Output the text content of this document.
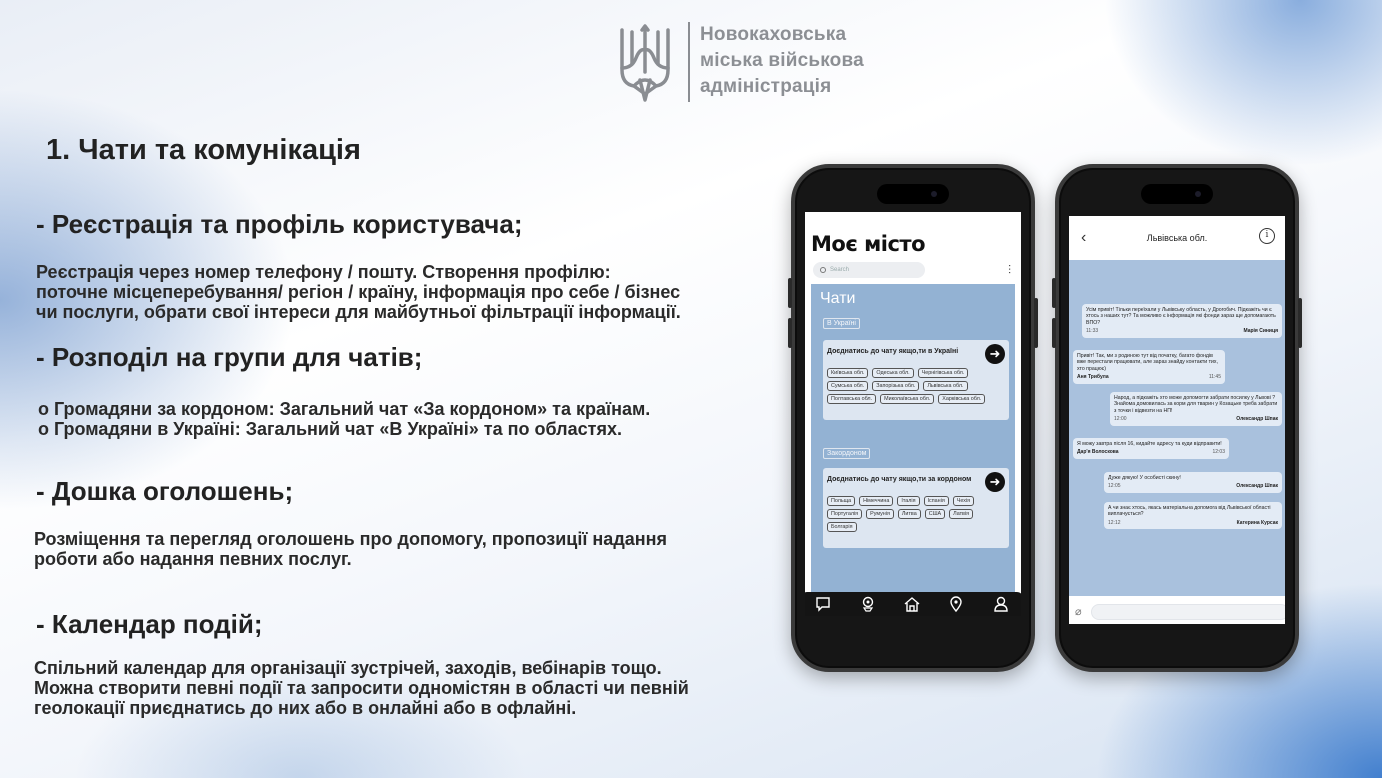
Новокаховська
міська військова
адміністрація
1. Чати та комунікація
- Реєстрація та профіль користувача;
Реєстрація через номер телефону / пошту. Створення профілю:
поточне місцеперебування/ регіон / країну, інформація про себе / бізнес
чи послуги, обрати свої інтереси для майбутньої фільтрації інформації.
- Розподіл на групи для чатів;
o Громадяни за кордоном: Загальний чат «За кордоном» та країнам.
o Громадяни в Україні: Загальний чат «В Україні» та по областях.
- Дошка оголошень;
Розміщення та перегляд оголошень про допомогу, пропозиції надання
роботи або надання певних послуг.
- Календар подій;
Спільний календар для організації зустрічей, заходів, вебінарів тощо.
Можна створити певні події та запросити одномістян в області чи певній
геолокації приєднатись до них або в онлайні або в офлайні.
Моє місто
Search	⫶
Чати
В Україні
Доєднатись до чату якщо,ти в Україні	➜
Київська обл.	Одеська обл.	Чернігівська обл.
Сумська обл.	Запорізька обл.	Львівська обл.
Полтавська обл.	Миколаївська обл.	Харківська обл.
Закордоном
Доєднатись до чату якщо,ти за кордоном	➜
Польща	Німеччина	Італія	Іспанія	Чехія
Португалія	Румунія	Литва	США	Латвія
Болгарія
‹	Львівська обл.	i
Усім привіт! Тільки переїхали у Львівську область, у Дрогобич. Підкажіть чи є хтось з наших тут? Та можливо є інформація які фонди зараз ще допомагають ВПО?
11:33	Марія Синиця
Привіт! Так, ми з родиною тут від початку, багато фондів вже перестали працювати, але зараз знайду контакти тих, хто працює)
Аня Трибула	11:45
Народ, а підкажіть хто може допомогти забрати посилку у Львові ? Знайома домовилась за корм для тварин у Козацьке треба забрати з точки і відвезти на НП!
12:00	Олександр Шпак
Я можу завтра після 16, кидайте адресу та куди відправити!
Дар'я Волоскова	12:03
Дуже дякую! У особисті скину!
12:05	Олександр Шпак
А чи знає хтось, якась матеріальна допомога від Львівської області виплачується?
12:12	Катерина Курсак
⌀
